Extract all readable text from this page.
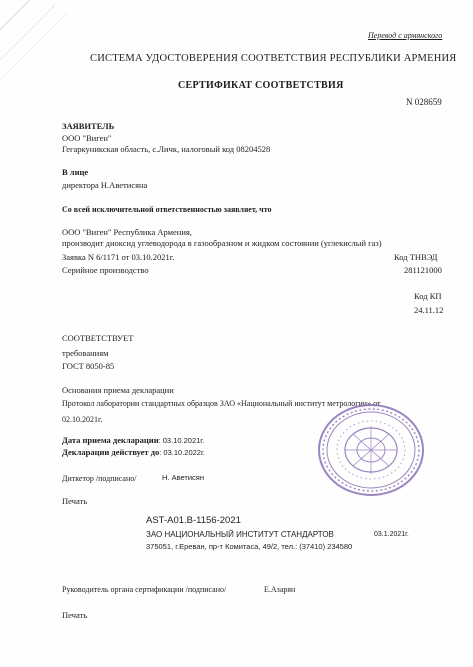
Перевод с армянского
СИСТЕМА УДОСТОВЕРЕНИЯ СООТВЕТСТВИЯ РЕСПУБЛИКИ АРМЕНИЯ
СЕРТИФИКАТ СООТВЕТСТВИЯ
N 028659
ЗАЯВИТЕЛЬ
ООО "Виген"
Гегаркуникская область, с.Личк, налоговый код 08204528
В лице
директора Н.Аветисяна
Со всей исключительной ответственностью заявляет, что
ООО "Виген" Республика Армения,
производит диоксид углеводорода в газообразном и жидком состоянии (углекислый газ)
Заявка N 6/1171 от 03.10.2021г.	Код ТНВЭД
Серийное производство	281121000
Код КП
24.11.12
СООТВЕТСТВУЕТ
требованиям
ГОСТ 8050-85
Основания приема декларации
Протокол лаборатории стандартных образцов ЗАО «Национальный институт метрологии» от
02.10.2021г.
Дата приема декларации: 03.10.2021г.
Декларации действует до: 03.10.2022г.
Диткетор /подписано/	Н. Аветисян
Печать
AST-A01.B-1156-2021
ЗАО НАЦИОНАЛЬНЫЙ ИНСТИТУТ СТАНДАРТОВ	03.1.2021г.
375051, г.Ереван, пр-т Комитаса, 49/2, тел.: (37410) 234580
Руководитель органа сертификации /подписано/	Е.Азарян
Печать
